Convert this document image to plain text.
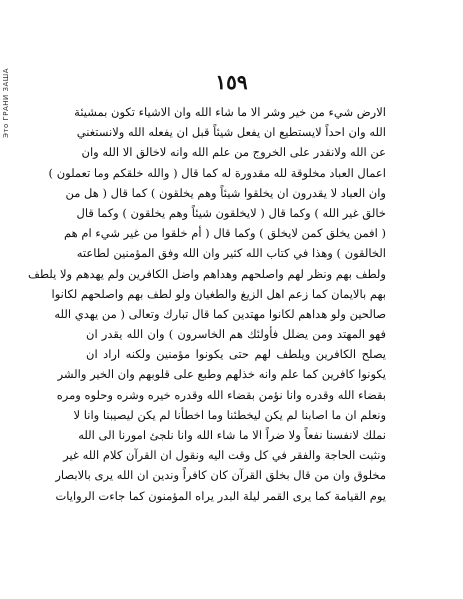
Это ГРАНИ ЗАША	١٥٩
الارض شيء من خير وشر الا ما شاء الله وان الاشياء تكون بمشيئة
الله وان احداً لايستطيع ان يفعل شيئاً قبل ان يفعله الله ولانستغني
عن الله ولانقدر على الخروج من علم الله وانه لاخالق الا الله وان
اعمال العباد مخلوقة لله مقدورة له كما قال ( والله خلقكم وما تعملون )
وان العباد لا يقدرون ان يخلقوا شيئاً وهم يخلقون ) كما قال ( هل من
خالق غير الله ) وكما قال ( لايخلقون شيئاً وهم يخلقون ) وكما قال
( افمن يخلق كمن لايخلق ) وكما قال ( أم خلقوا من غير شيء ام هم
الخالقون ) وهذا في كتاب الله كثير وان الله وفق المؤمنين لطاعته
ولطف بهم ونظر لهم واصلحهم وهداهم واضل الكافرين ولم يهدهم ولا يلطف
بهم بالايمان كما زعم اهل الزيغ والطغيان ولو لطف بهم واصلحهم لكانوا
صالحين ولو هداهم لكانوا مهتدين كما قال تبارك وتعالى ( من يهدي الله
فهو المهتد ومن يضلل فأولئك هم الخاسرون ) وان الله يقدر ان
يصلح الكافرين ويلطف لهم حتى يكونوا مؤمنين ولكنه اراد ان
يكونوا كافرين كما علم وانه خذلهم وطبع على قلوبهم وان الخير والشر
بقضاء الله وقدره وانا نؤمن بقضاء الله وقدره خيره وشره وحلوه ومره
ونعلم ان ما اصابنا لم يكن ليخطئنا وما اخطأنا لم يكن ليصيبنا وانا لا
نملك لانفسنا نفعاً ولا ضراً الا ما شاء الله وانا نلجئ امورنا الى الله
ونثبت الحاجة والفقر في كل وقت اليه ونقول ان القرآن كلام الله غير
مخلوق وان من قال بخلق القرآن كان كافراً وندين ان الله يرى بالابصار
يوم القيامة كما يرى القمر ليلة البدر يراه المؤمنون كما جاءت الروايات
